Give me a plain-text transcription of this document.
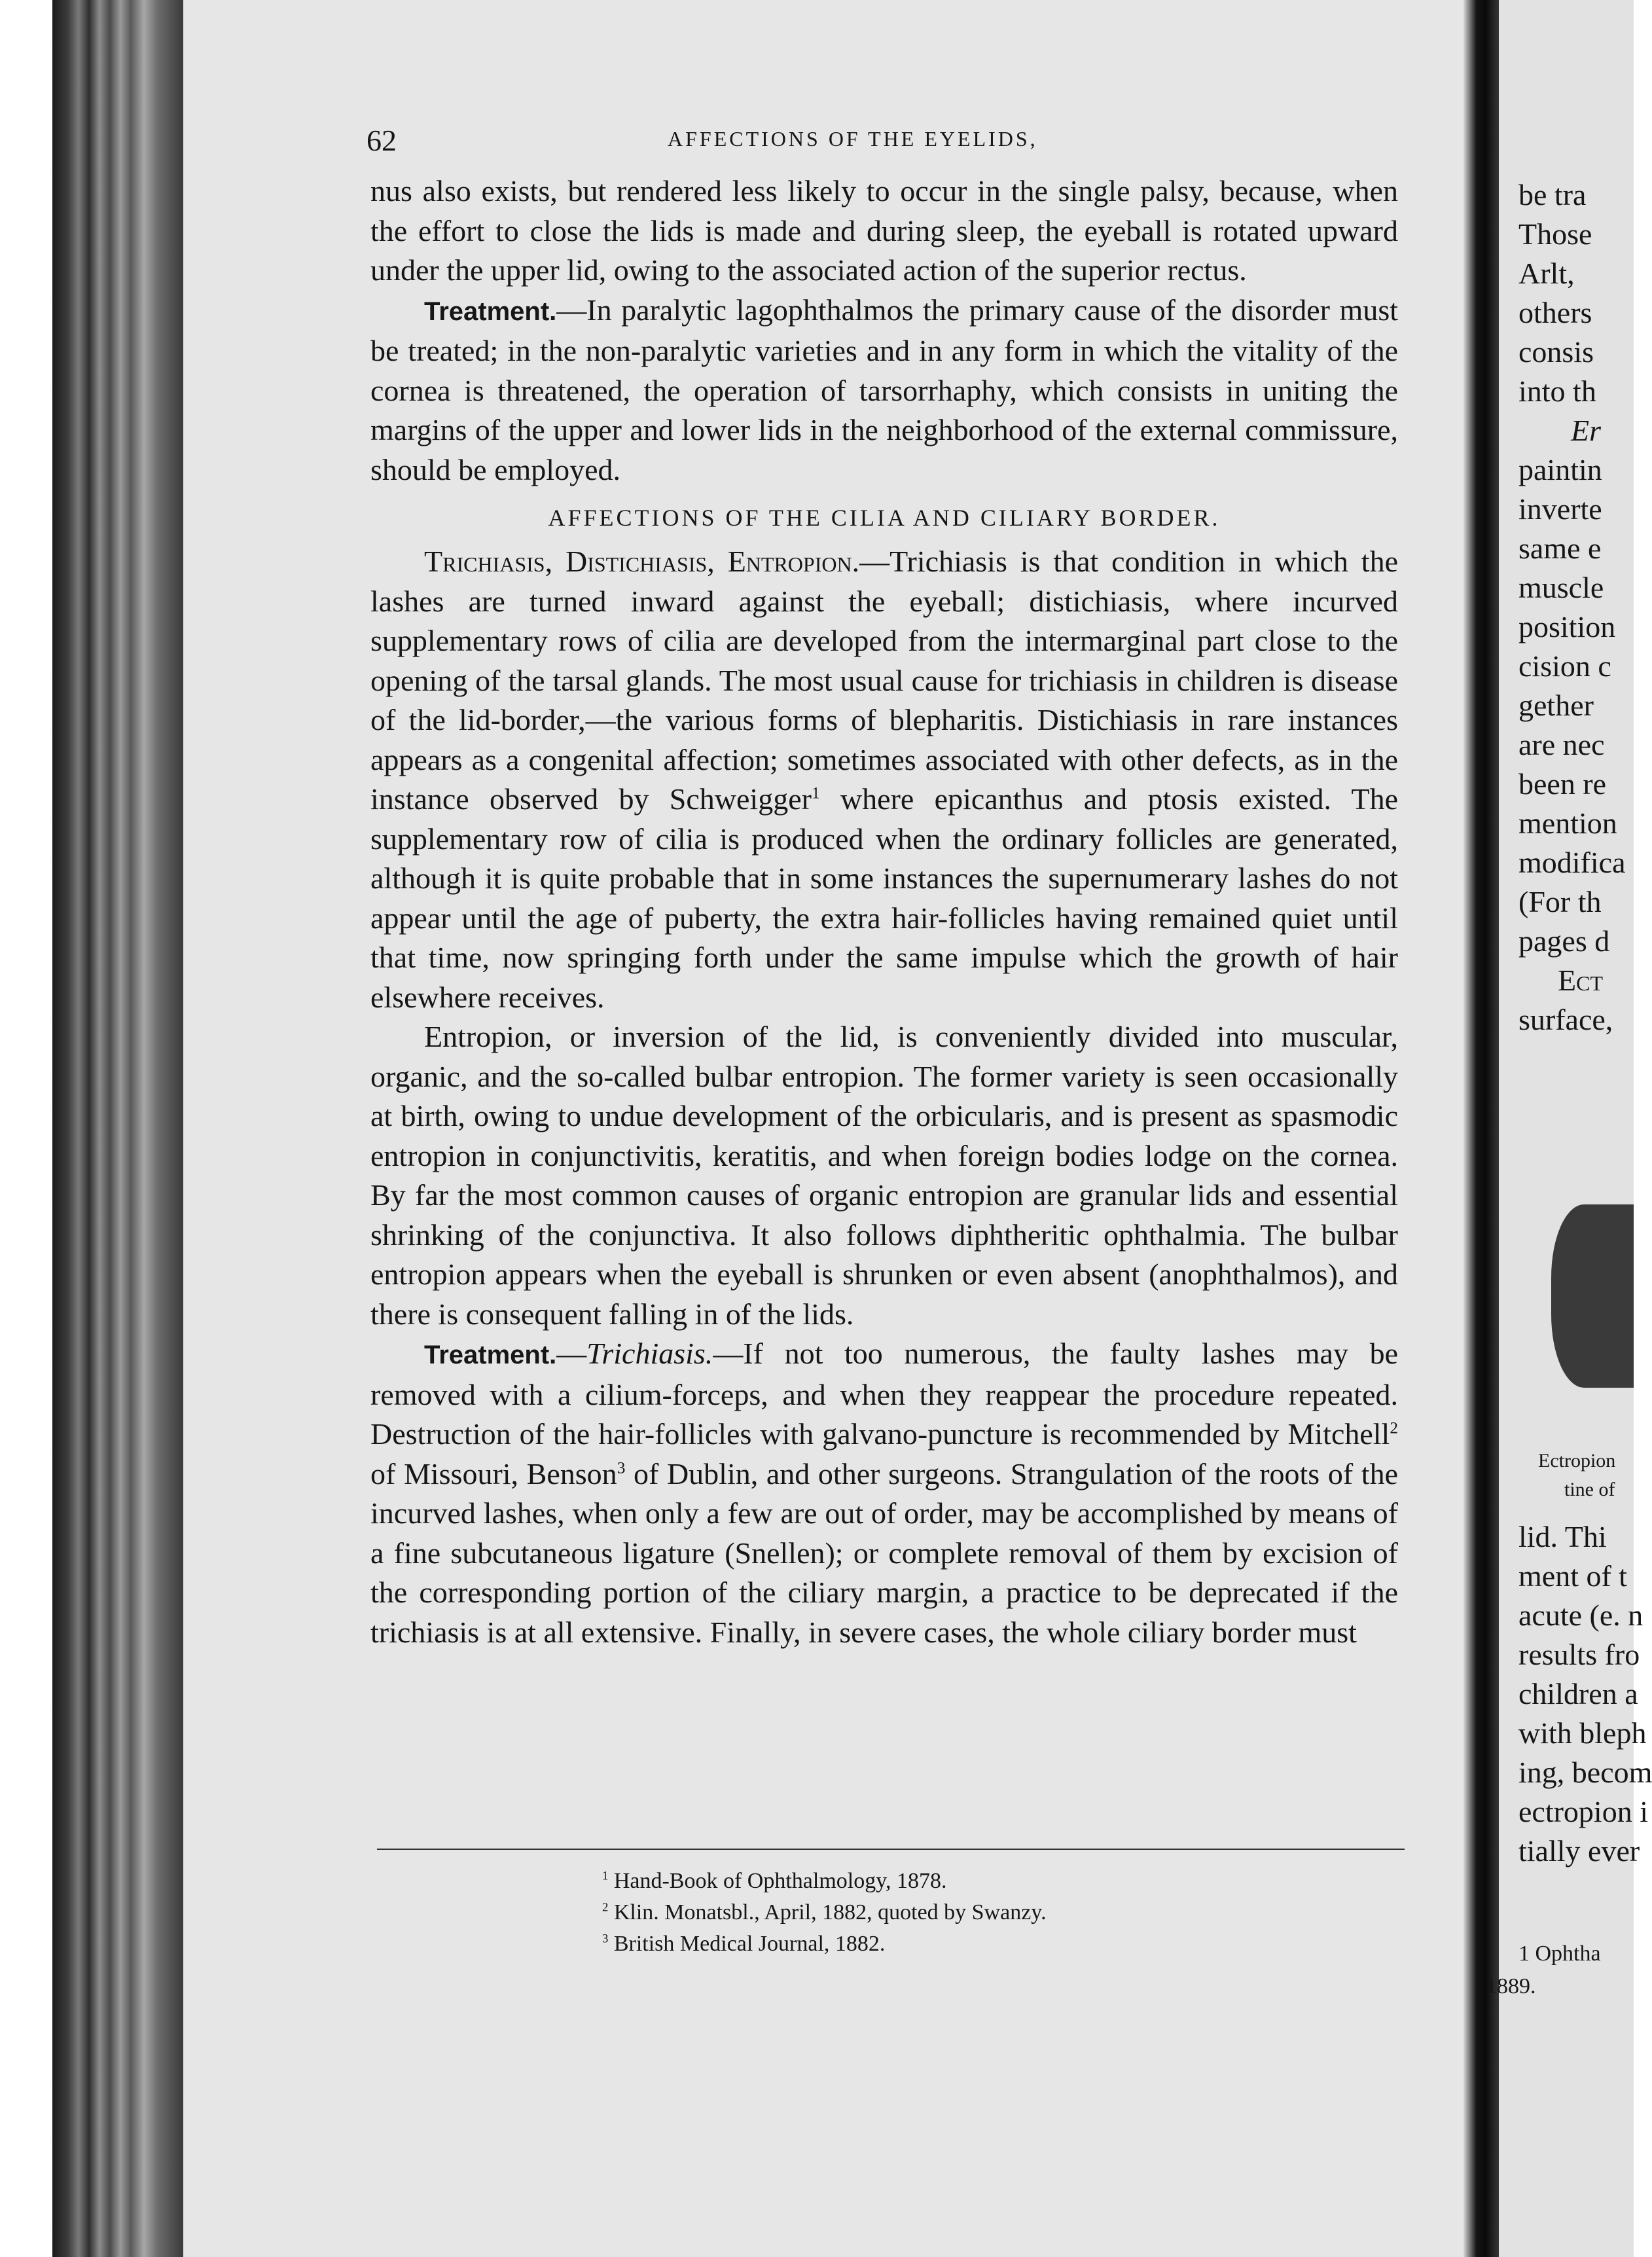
62	AFFECTIONS OF THE EYELIDS,

nus also exists, but rendered less likely to occur in the single palsy, because, when the effort to close the lids is made and during sleep, the eyeball is rotated upward under the upper lid, owing to the associated action of the superior rectus.

Treatment.—In paralytic lagophthalmos the primary cause of the disorder must be treated; in the non-paralytic varieties and in any form in which the vitality of the cornea is threatened, the operation of tarsorrhaphy, which consists in uniting the margins of the upper and lower lids in the neighborhood of the external commissure, should be employed.

AFFECTIONS OF THE CILIA AND CILIARY BORDER.

Trichiasis, Distichiasis, Entropion.—Trichiasis is that condition in which the lashes are turned inward against the eyeball; distichiasis, where incurved supplementary rows of cilia are developed from the intermarginal part close to the opening of the tarsal glands. The most usual cause for trichiasis in children is disease of the lid-border,—the various forms of blepharitis. Distichiasis in rare instances appears as a congenital affection; sometimes associated with other defects, as in the instance observed by Schweigger$^1$ where epicanthus and ptosis existed. The supplementary row of cilia is produced when the ordinary follicles are generated, although it is quite probable that in some instances the supernumerary lashes do not appear until the age of puberty, the extra hair-follicles having remained quiet until that time, now springing forth under the same impulse which the growth of hair elsewhere receives.

Entropion, or inversion of the lid, is conveniently divided into muscular, organic, and the so-called bulbar entropion. The former variety is seen occasionally at birth, owing to undue development of the orbicularis, and is present as spasmodic entropion in conjunctivitis, keratitis, and when foreign bodies lodge on the cornea. By far the most common causes of organic entropion are granular lids and essential shrinking of the conjunctiva. It also follows diphtheritic ophthalmia. The bulbar entropion appears when the eyeball is shrunken or even absent (anophthalmos), and there is consequent falling in of the lids.

Treatment.—Trichiasis.—If not too numerous, the faulty lashes may be removed with a cilium-forceps, and when they reappear the procedure repeated. Destruction of the hair-follicles with galvano-puncture is recommended by Mitchell$^2$ of Missouri, Benson$^3$ of Dublin, and other surgeons. Strangulation of the roots of the incurved lashes, when only a few are out of order, may be accomplished by means of a fine subcutaneous ligature (Snellen); or complete removal of them by excision of the corresponding portion of the ciliary margin, a practice to be deprecated if the trichiasis is at all extensive. Finally, in severe cases, the whole ciliary border must

$^1$ Hand-Book of Ophthalmology, 1878.
$^2$ Klin. Monatsbl., April, 1882, quoted by Swanzy.
$^3$ British Medical Journal, 1882.
be tra
Those
Arlt,
others
consis
into th
Er
paintin
inverte
same e
muscle
position
cision c
gether
are nec
been re
mention
modifica
(For th
pages d
Ect
surface,
Ectropion
tine of
lid. Thi
ment of t
acute (e. n
results fro
children a
with bleph
ing, becom
ectropion i
tially ever
1 Ophtha
1889.
